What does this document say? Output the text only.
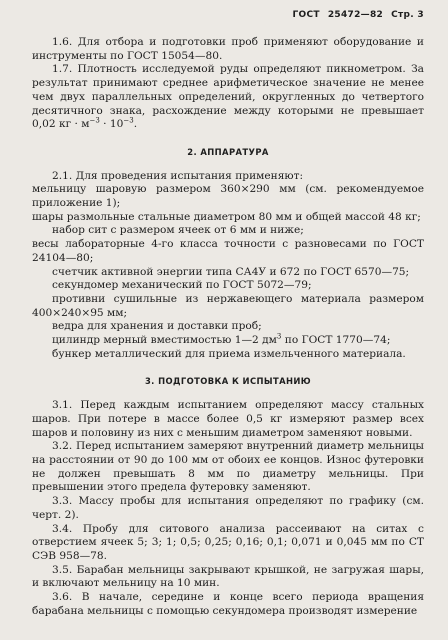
ГОСТ 25472—82 Стр. 3

1.6. Для отбора и подготовки проб применяют оборудование и инструменты по ГОСТ 15054—80.

1.7. Плотность исследуемой руды определяют пикнометром. За результат принимают среднее арифметическое значение не менее чем двух параллельных определений, округленных до четвертого десятичного знака, расхождение между которыми не превышает 0,02 кг · $м^{-3} \cdot 10^{-3}$.

2. АППАРАТУРА

2.1. Для проведения испытания применяют:

мельницу шаровую размером 360×290 мм (см. рекомендуемое приложение 1);

шары размольные стальные диаметром 80 мм и общей массой 48 кг;

набор сит с размером ячеек от 6 мм и ниже;

весы лабораторные 4-го класса точности с разновесами по ГОСТ 24104—80;

счетчик активной энергии типа СА4У и 672 по ГОСТ 6570—75;

секундомер механический по ГОСТ 5072—79;

противни сушильные из нержавеющего материала размером 400×240×95 мм;

ведра для хранения и доставки проб;

цилиндр мерный вместимостью 1—2 $дм^3$ по ГОСТ 1770—74;

бункер металлический для приема измельченного материала.

3. ПОДГОТОВКА К ИСПЫТАНИЮ

3.1. Перед каждым испытанием определяют массу стальных шаров. При потере в массе более 0,5 кг измеряют размер всех шаров и половину из них с меньшим диаметром заменяют новыми.

3.2. Перед испытанием замеряют внутренний диаметр мельницы на расстоянии от 90 до 100 мм от обоих ее концов. Износ футеровки не должен превышать 8 мм по диаметру мельницы. При превышении этого предела футеровку заменяют.

3.3. Массу пробы для испытания определяют по графику (см. черт. 2).

3.4. Пробу для ситового анализа рассеивают на ситах с отверстием ячеек 5; 3; 1; 0,5; 0,25; 0,16; 0,1; 0,071 и 0,045 мм по СТ СЭВ 958—78.

3.5. Барабан мельницы закрывают крышкой, не загружая шары, и включают мельницу на 10 мин.

3.6. В начале, середине и конце всего периода вращения барабана мельницы с помощью секундомера производят измерение
